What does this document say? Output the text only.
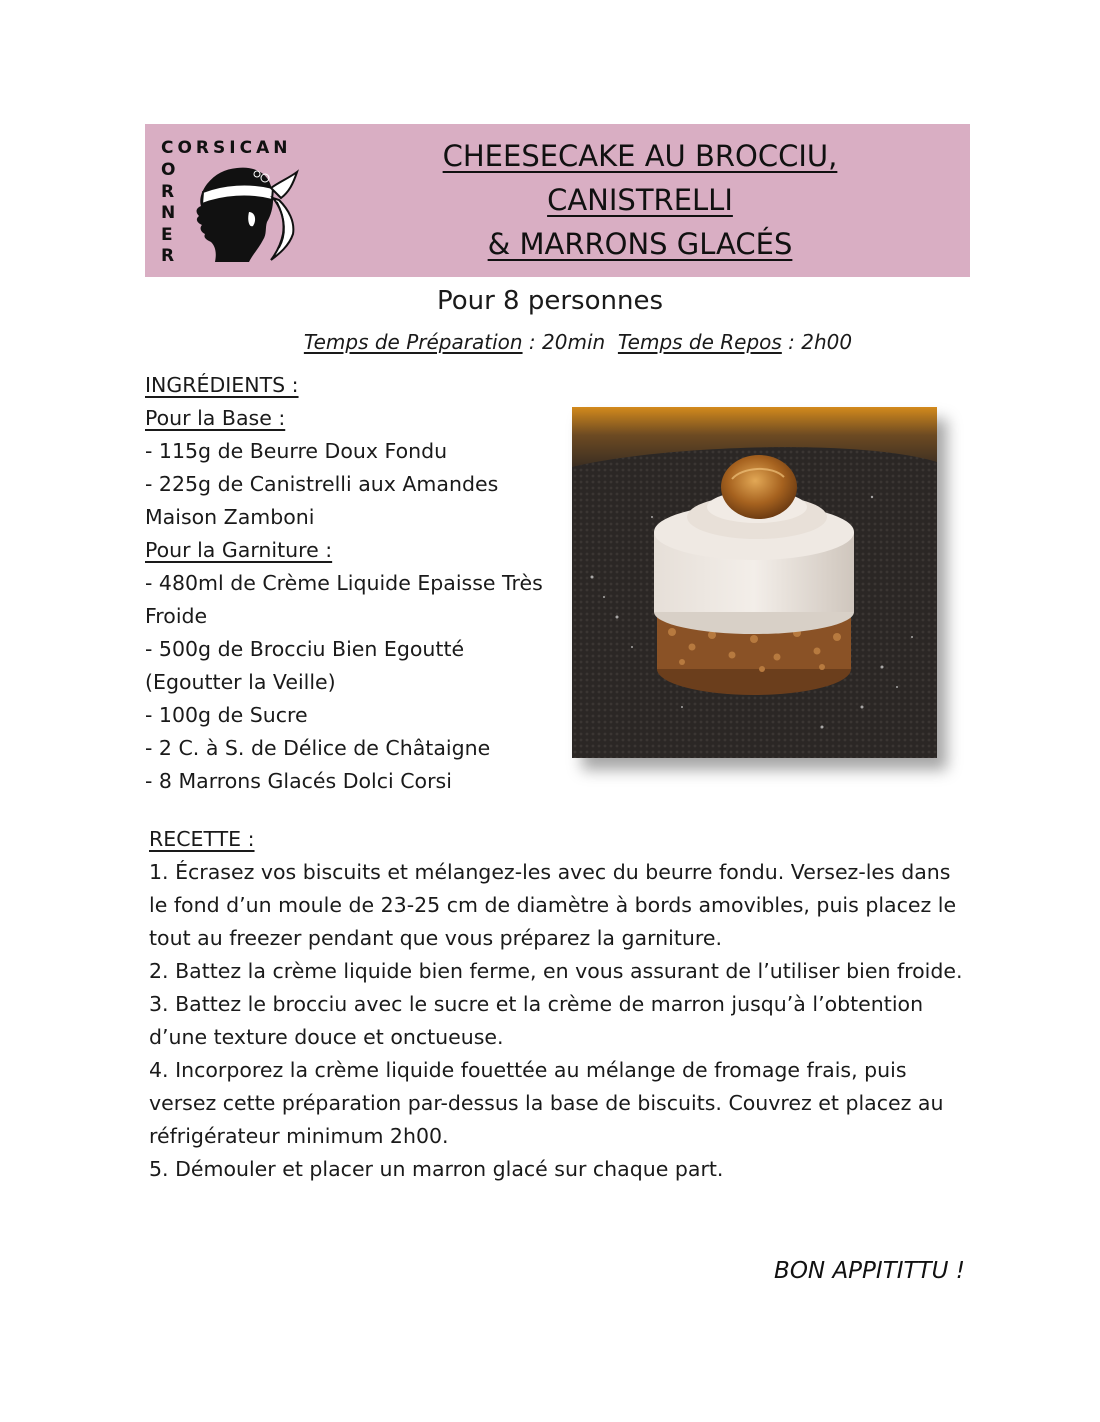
CORSICAN
O
R
N
E
R
CHEESECAKE AU BROCCIU,
CANISTRELLI
& MARRONS GLACÉS
Pour 8 personnes
Temps de Préparation : 20min Temps de Repos : 2h00

INGRÉDIENTS :

Pour la Base :

- 115g de Beurre Doux Fondu

- 225g de Canistrelli aux Amandes Maison Zamboni

Pour la Garniture :

- 480ml de Crème Liquide Epaisse Très Froide

- 500g de Brocciu Bien Egoutté (Egoutter la Veille)

- 100g de Sucre

- 2 C. à S. de Délice de Châtaigne

- 8 Marrons Glacés Dolci Corsi

RECETTE :

1. Écrasez vos biscuits et mélangez-les avec du beurre fondu. Versez-les dans le fond d’un moule de 23-25 cm de diamètre à bords amovibles, puis placez le tout au freezer pendant que vous préparez la garniture.

2. Battez la crème liquide bien ferme, en vous assurant de l’utiliser bien froide.

3. Battez le brocciu avec le sucre et la crème de marron jusqu’à l’obtention d’une texture douce et onctueuse.

4. Incorporez la crème liquide fouettée au mélange de fromage frais, puis versez cette préparation par-dessus la base de biscuits. Couvrez et placez au réfrigérateur minimum 2h00.

5. Démouler et placer un marron glacé sur chaque part.

BON APPITITTU !
